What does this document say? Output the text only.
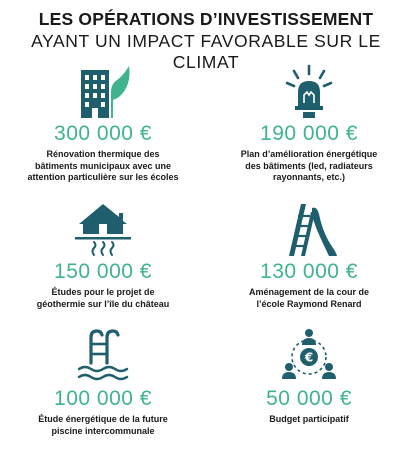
LES OPÉRATIONS D’INVESTISSEMENT
AYANT UN IMPACT FAVORABLE SUR LE CLIMAT
300 000 €
Rénovation thermique des
bâtiments municipaux avec une
attention particulière sur les écoles
190 000 €
Plan d’amélioration énergétique
des bâtiments (led, radiateurs
rayonnants, etc.)
150 000 €
Études pour le projet de
géothermie sur l’île du château
130 000 €
Aménagement de la cour de
l’école Raymond Renard
100 000 €
Étude énergétique de la future
piscine intercommunale
€
50 000 €
Budget participatif
